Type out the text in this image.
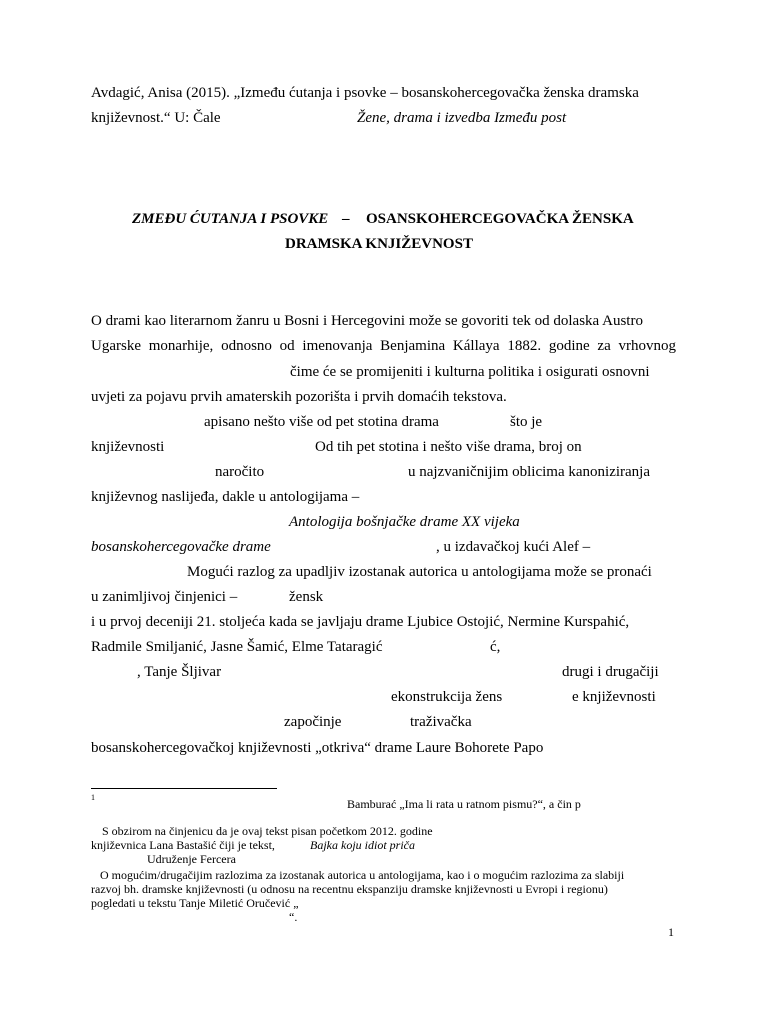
Avdagić, Anisa (2015). „Između ćutanja i psovke – bosanskohercegovačka ženska dramska
književnost.“ U: Čale	Žene, drama i izvedba Između post
ZMEĐU ĆUTANJA I PSOVKE – OSANSKOHERCEGOVAČKA ŽENSKA
DRAMSKA KNJIŽEVNOST
O drami kao literarnom žanru u Bosni i Hercegovini može se govoriti tek od dolaska Austro
Ugarske monarhije, odnosno od imenovanja Benjamina Kállaya 1882. godine za vrhovnog
čime će se promijeniti i kulturna politika i osigurati osnovni
uvjeti za pojavu prvih amaterskih pozorišta i prvih domaćih tekstova.
apisano nešto više od pet stotina drama	što je
književnosti	Od tih pet stotina i nešto više drama, broj on
naročito	u najzvaničnijim oblicima kanoniziranja
književnog naslijeđa, dakle u antologijama –
Antologija bošnjačke drame XX vijeka
bosanskohercegovačke drame	, u izdavačkoj kući Alef –
Mogući razlog za upadljiv izostanak autorica u antologijama može se pronaći
u zanimljivoj činjenici –	žensk
i u prvoj deceniji 21. stoljeća kada se javljaju drame Ljubice Ostojić, Nermine Kurspahić,
Radmile Smiljanić, Jasne Šamić, Elme Tataragić	ć,
, Tanje Šljivar	drugi i drugačiji
ekonstrukcija žens	e književnosti
započinje	traživačka
bosanskohercegovačkoj književnosti „otkriva“ drame Laure Bohorete Papo
1	Bamburać „Ima li rata u ratnom pismu?“, a čin p
S obzirom na činjenicu da je ovaj tekst pisan početkom 2012. godine
književnica Lana Bastašić čiji je tekst,	Bajka koju idiot priča
Udruženje Fercera
O mogućim/drugačijim razlozima za izostanak autorica u antologijama, kao i o mogućim razlozima za slabiji
razvoj bh. dramske književnosti (u odnosu na recentnu ekspanziju dramske književnosti u Evropi i regionu)
pogledati u tekstu Tanje Miletić Oručević „
“.
1
